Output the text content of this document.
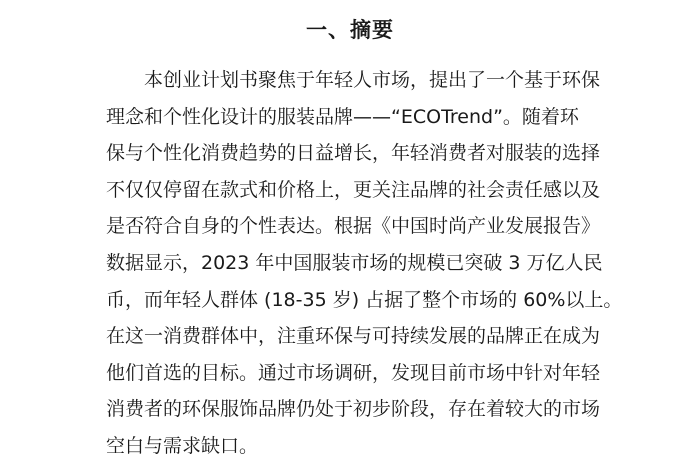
一、摘要
本创业计划书聚焦于年轻人市场，提出了一个基于环保
理念和个性化设计的服装品牌——“ECOTrend”。随着环
保与个性化消费趋势的日益增长，年轻消费者对服装的选择
不仅仅停留在款式和价格上，更关注品牌的社会责任感以及
是否符合自身的个性表达。根据《中国时尚产业发展报告》
数据显示，2023 年中国服装市场的规模已突破 3 万亿人民
币，而年轻人群体 (18-35 岁) 占据了整个市场的 60%以上。
在这一消费群体中，注重环保与可持续发展的品牌正在成为
他们首选的目标。通过市场调研，发现目前市场中针对年轻
消费者的环保服饰品牌仍处于初步阶段，存在着较大的市场
空白与需求缺口。
